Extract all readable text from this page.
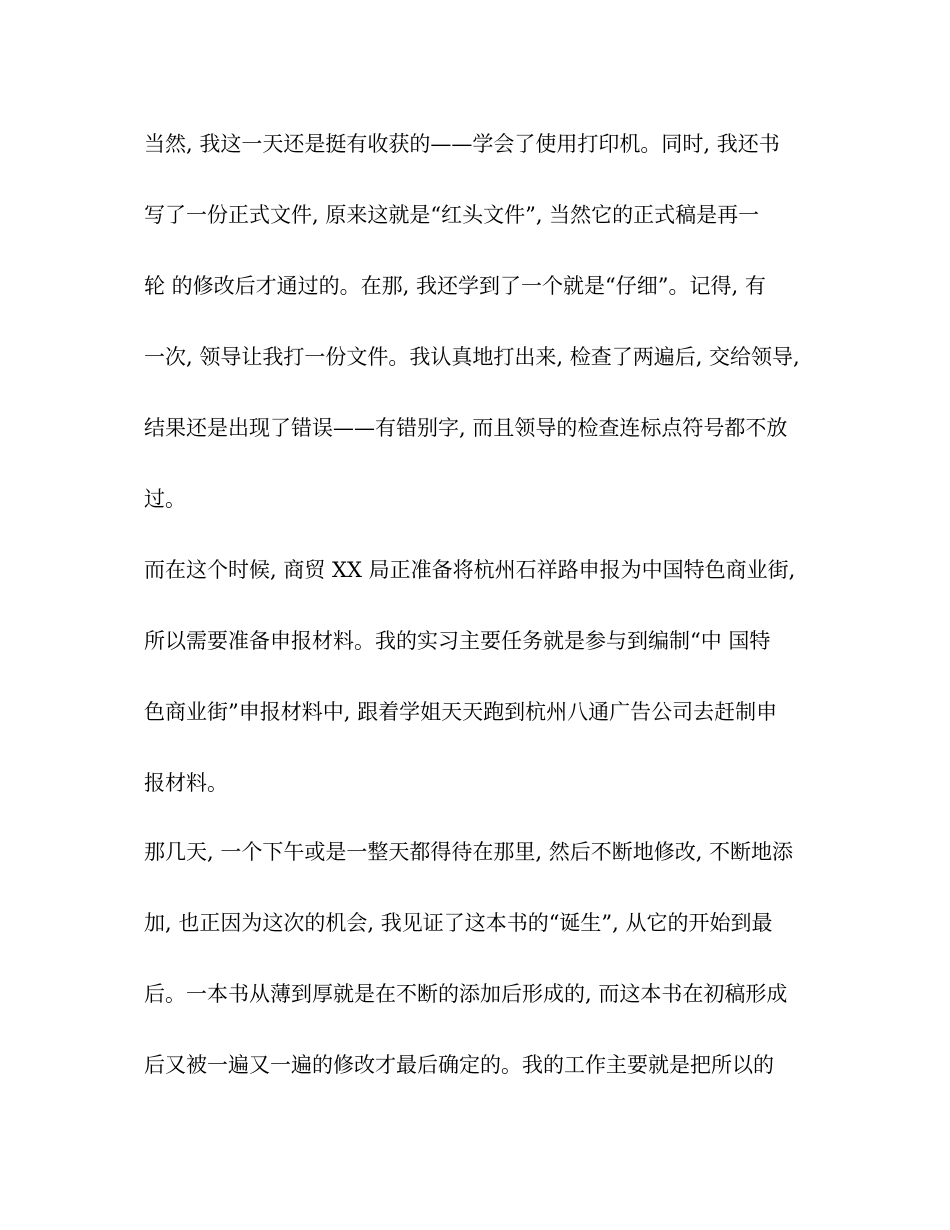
当然, 我这一天还是挺有收获的——学会了使用打印机。同时, 我还书
写了一份正式文件, 原来这就是“红头文件”, 当然它的正式稿是再一
轮 的修改后才通过的。在那, 我还学到了一个就是“仔细”。记得, 有
一次, 领导让我打一份文件。我认真地打出来, 检查了两遍后, 交给领导,
结果还是出现了错误——有错别字, 而且领导的检查连标点符号都不放
过。
而在这个时候, 商贸 XX 局正准备将杭州石祥路申报为中国特色商业街,
所以需要准备申报材料。我的实习主要任务就是参与到编制“中 国特
色商业街”申报材料中, 跟着学姐天天跑到杭州八通广告公司去赶制申
报材料。
那几天, 一个下午或是一整天都得待在那里, 然后不断地修改, 不断地添
加, 也正因为这次的机会, 我见证了这本书的“诞生”, 从它的开始到最
后。一本书从薄到厚就是在不断的添加后形成的, 而这本书在初稿形成
后又被一遍又一遍的修改才最后确定的。我的工作主要就是把所以的
